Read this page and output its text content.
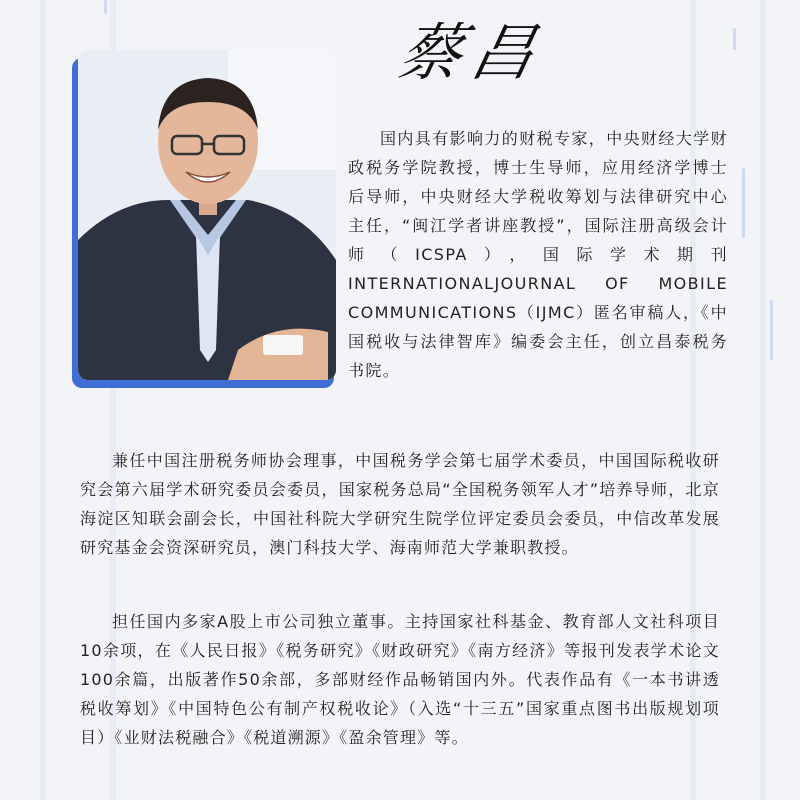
蔡昌

国内具有影响力的财税专家，中央财经大学财政税务学院教授，博士生导师，应用经济学博士后导师，中央财经大学税收筹划与法律研究中心主任，“闽江学者讲座教授”，国际注册高级会计师（ICSPA），国际学术期刊INTERNATIONALJOURNAL OF MOBILE COMMUNICATIONS（IJMC）匿名审稿人，《中国税收与法律智库》编委会主任，创立昌泰税务书院。

兼任中国注册税务师协会理事，中国税务学会第七届学术委员，中国国际税收研究会第六届学术研究委员会委员，国家税务总局“全国税务领军人才”培养导师，北京海淀区知联会副会长，中国社科院大学研究生院学位评定委员会委员，中信改革发展研究基金会资深研究员，澳门科技大学、海南师范大学兼职教授。

担任国内多家A股上市公司独立董事。主持国家社科基金、教育部人文社科项目10余项，在《人民日报》《税务研究》《财政研究》《南方经济》等报刊发表学术论文100余篇，出版著作50余部，多部财经作品畅销国内外。代表作品有《一本书讲透税收筹划》《中国特色公有制产权税收论》（入选“十三五”国家重点图书出版规划项目）《业财法税融合》《税道溯源》《盈余管理》等。
